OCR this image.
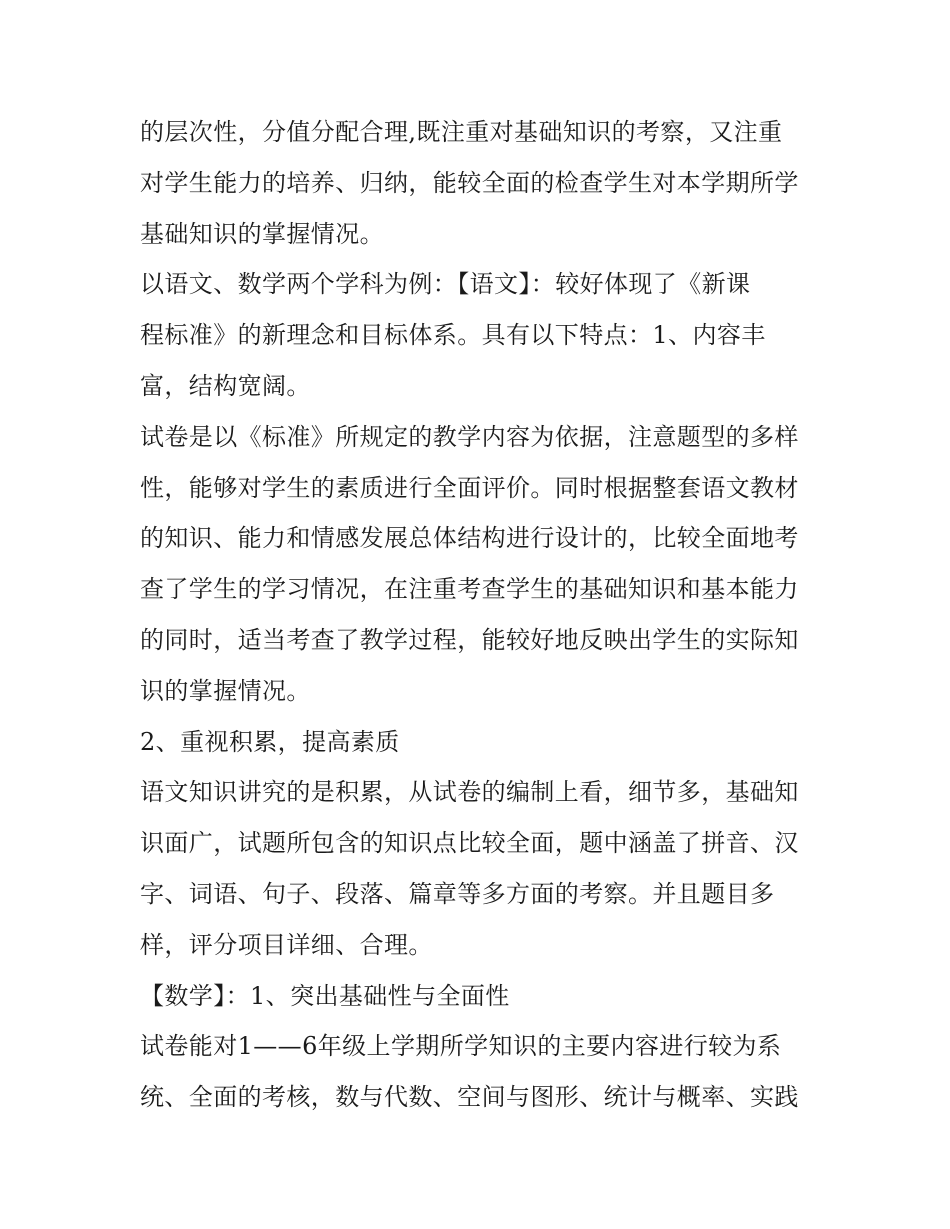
的层次性，分值分配合理,既注重对基础知识的考察，又注重
对学生能力的培养、归纳，能较全面的检查学生对本学期所学
基础知识的掌握情况。
以语文、数学两个学科为例：【语文】：较好体现了《新课
程标准》的新理念和目标体系。具有以下特点：1、内容丰
富，结构宽阔。
试卷是以《标准》所规定的教学内容为依据，注意题型的多样
性，能够对学生的素质进行全面评价。同时根据整套语文教材
的知识、能力和情感发展总体结构进行设计的，比较全面地考
查了学生的学习情况，在注重考查学生的基础知识和基本能力
的同时，适当考查了教学过程，能较好地反映出学生的实际知
识的掌握情况。
2、重视积累，提高素质
语文知识讲究的是积累，从试卷的编制上看，细节多，基础知
识面广，试题所包含的知识点比较全面，题中涵盖了拼音、汉
字、词语、句子、段落、篇章等多方面的考察。并且题目多
样，评分项目详细、合理。
【数学】：1、突出基础性与全面性
试卷能对1——6年级上学期所学知识的主要内容进行较为系
统、全面的考核，数与代数、空间与图形、统计与概率、实践
